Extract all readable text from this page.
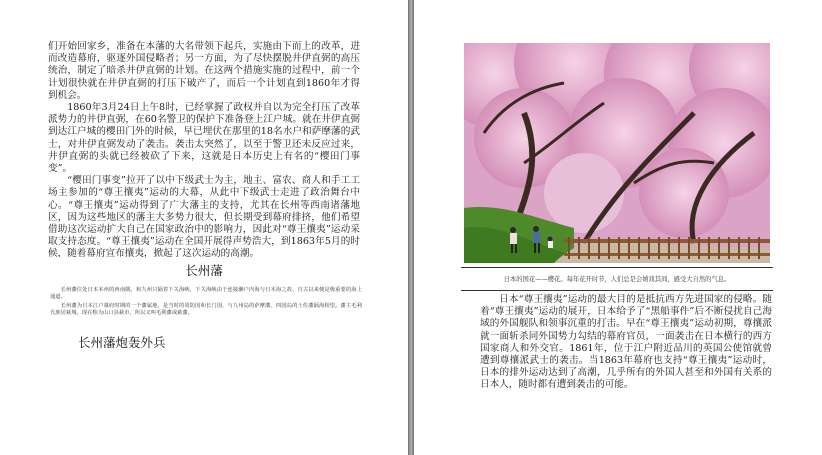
们开始回家乡，准备在本藩的大名带领下起兵，实施由下而上的改革，进而改造幕府，驱逐外国侵略者；另一方面，为了尽快摆脱井伊直弼的高压统治，制定了暗杀井伊直弼的计划。在这两个措施实施的过程中，前一个计划很快就在井伊直弼的打压下破产了，而后一个计划直到1860年才得到机会。

1860年3月24日上午8时，已经掌握了政权并自以为完全打压了改革派势力的井伊直弼，在60名警卫的保护下准备登上江户城。就在井伊直弼到达江户城的樱田门外的时候，早已埋伏在那里的18名水户和萨摩藩的武士，对井伊直弼发动了袭击。袭击太突然了，以至于警卫还未反应过来，井伊直弼的头就已经被砍了下来，这就是日本历史上有名的“樱田门事变”。

“樱田门事变”拉开了以中下级武士为主，地主、富农、商人和手工工场主参加的“尊王攘夷”运动的大幕，从此中下级武士走进了政治舞台中心。“尊王攘夷”运动得到了广大藩主的支持，尤其在长州等西南诸藩地区，因为这些地区的藩主大多势力很大，但长期受到幕府排挤，他们希望借助这次运动扩大自己在国家政治中的影响力，因此对“尊王攘夷”运动采取支持态度。“尊王攘夷”运动在全国开展得声势浩大，到1863年5月的时候，随着幕府宣布攘夷，掀起了这次运动的高潮。

长州藩

长州藩位处日本本州的西南隅，和九州只隔着下关海峡，下关海峡由于连接濑户内海与日本海之故，自古以来便是极重要的海上通道。

长州藩为日本江户幕府时期的一个藩属地，是当时的周防国和长门国，与九州岛的萨摩藩、四国岛的土佐藩隔海相望。藩主毛利氏族居萩城，现在称为山口县萩市，所以又叫毛利藩或萩藩。

长州藩炮轰外兵
日本的国花——樱花。每年花开时节，人们总是会嬉戏其间，感受大自然的气息。

日本“尊王攘夷”运动的最大目的是抵抗西方先进国家的侵略。随着“尊王攘夷”运动的展开，日本给予了“黑船事件”后不断侵扰自己海域的外国舰队和领事沉重的打击。早在“尊王攘夷”运动初期，尊攘派就一面斩杀同外国势力勾结的幕府官员，一面袭击在日本横行的西方国家商人和外交官。1861年，位于江户附近品川的英国公使馆就曾遭到尊攘派武士的袭击。当1863年幕府也支持“尊王攘夷”运动时，日本的排外运动达到了高潮，几乎所有的外国人甚至和外国有关系的日本人，随时都有遭到袭击的可能。
